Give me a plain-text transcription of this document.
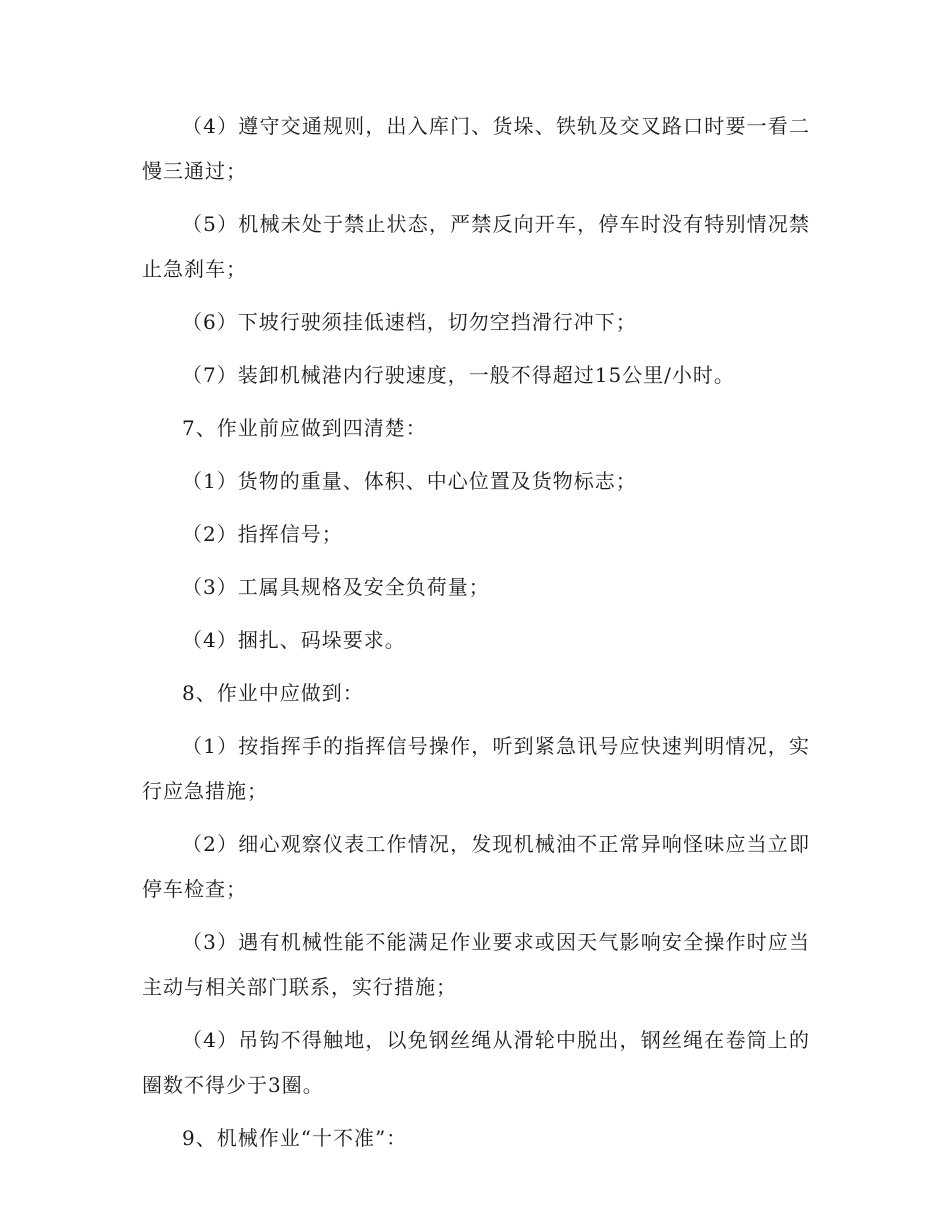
（4）遵守交通规则，出入库门、货垛、铁轨及交叉路口时要一看二慢三通过；

（5）机械未处于禁止状态，严禁反向开车，停车时没有特别情况禁止急刹车；

（6）下坡行驶须挂低速档，切勿空挡滑行冲下；

（7）装卸机械港内行驶速度，一般不得超过15公里/小时。

7、作业前应做到四清楚：

（1）货物的重量、体积、中心位置及货物标志；

（2）指挥信号；

（3）工属具规格及安全负荷量；

（4）捆扎、码垛要求。

8、作业中应做到：

（1）按指挥手的指挥信号操作，听到紧急讯号应快速判明情况，实行应急措施；

（2）细心观察仪表工作情况，发现机械油不正常异响怪味应当立即停车检查；

（3）遇有机械性能不能满足作业要求或因天气影响安全操作时应当主动与相关部门联系，实行措施；

（4）吊钩不得触地，以免钢丝绳从滑轮中脱出，钢丝绳在卷筒上的圈数不得少于3圈。

9、机械作业“十不准”：
